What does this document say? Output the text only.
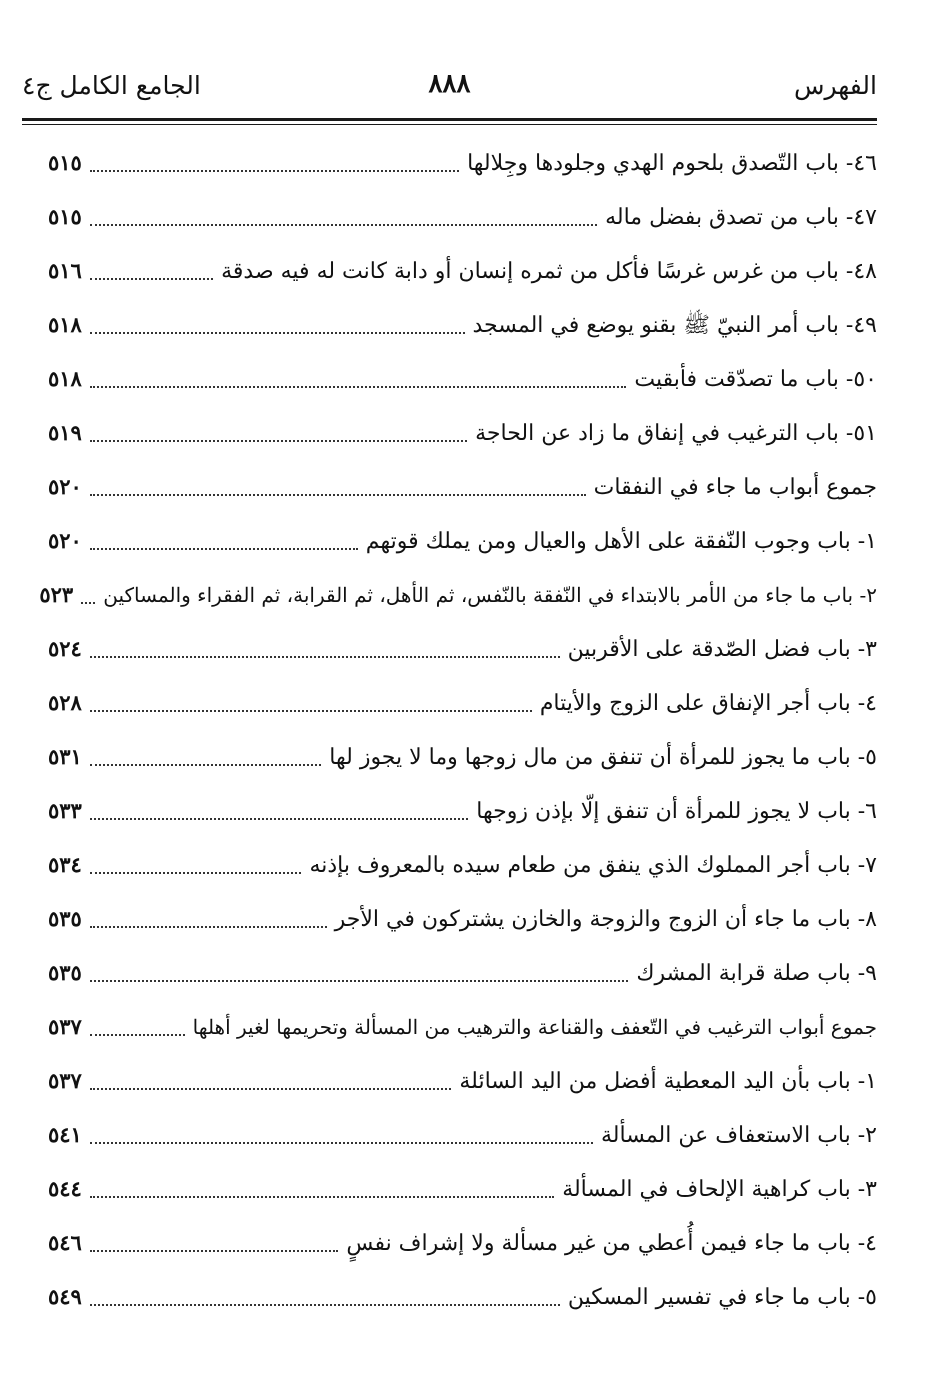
الفهرس
٨٨٨
الجامع الكامل ج٤
٤٦- باب التّصدق بلحوم الهدي وجلودها وجِلالها
٥١٥
٤٧- باب من تصدق بفضل ماله
٥١٥
٤٨- باب من غرس غرسًا فأكل من ثمره إنسان أو دابة كانت له فيه صدقة
٥١٦
٤٩- باب أمر النبيّ ﷺ بقنو يوضع في المسجد
٥١٨
٥٠- باب ما تصدّقت فأبقيت
٥١٨
٥١- باب الترغيب في إنفاق ما زاد عن الحاجة
٥١٩
جموع أبواب ما جاء في النفقات
٥٢٠
١- باب وجوب النّفقة على الأهل والعيال ومن يملك قوتهم
٥٢٠
٢- باب ما جاء من الأمر بالابتداء في النّفقة بالنّفس، ثم الأهل، ثم القرابة، ثم الفقراء والمساكين
٥٢٣
٣- باب فضل الصّدقة على الأقربين
٥٢٤
٤- باب أجر الإنفاق على الزوج والأيتام
٥٢٨
٥- باب ما يجوز للمرأة أن تنفق من مال زوجها وما لا يجوز لها
٥٣١
٦- باب لا يجوز للمرأة أن تنفق إلّا بإذن زوجها
٥٣٣
٧- باب أجر المملوك الذي ينفق من طعام سيده بالمعروف بإذنه
٥٣٤
٨- باب ما جاء أن الزوج والزوجة والخازن يشتركون في الأجر
٥٣٥
٩- باب صلة قرابة المشرك
٥٣٥
جموع أبواب الترغيب في التّعفف والقناعة والترهيب من المسألة وتحريمها لغير أهلها
٥٣٧
١- باب بأن اليد المعطية أفضل من اليد السائلة
٥٣٧
٢- باب الاستعفاف عن المسألة
٥٤١
٣- باب كراهية الإلحاف في المسألة
٥٤٤
٤- باب ما جاء فيمن أُعطي من غير مسألة ولا إشراف نفسٍ
٥٤٦
٥- باب ما جاء في تفسير المسكين
٥٤٩
